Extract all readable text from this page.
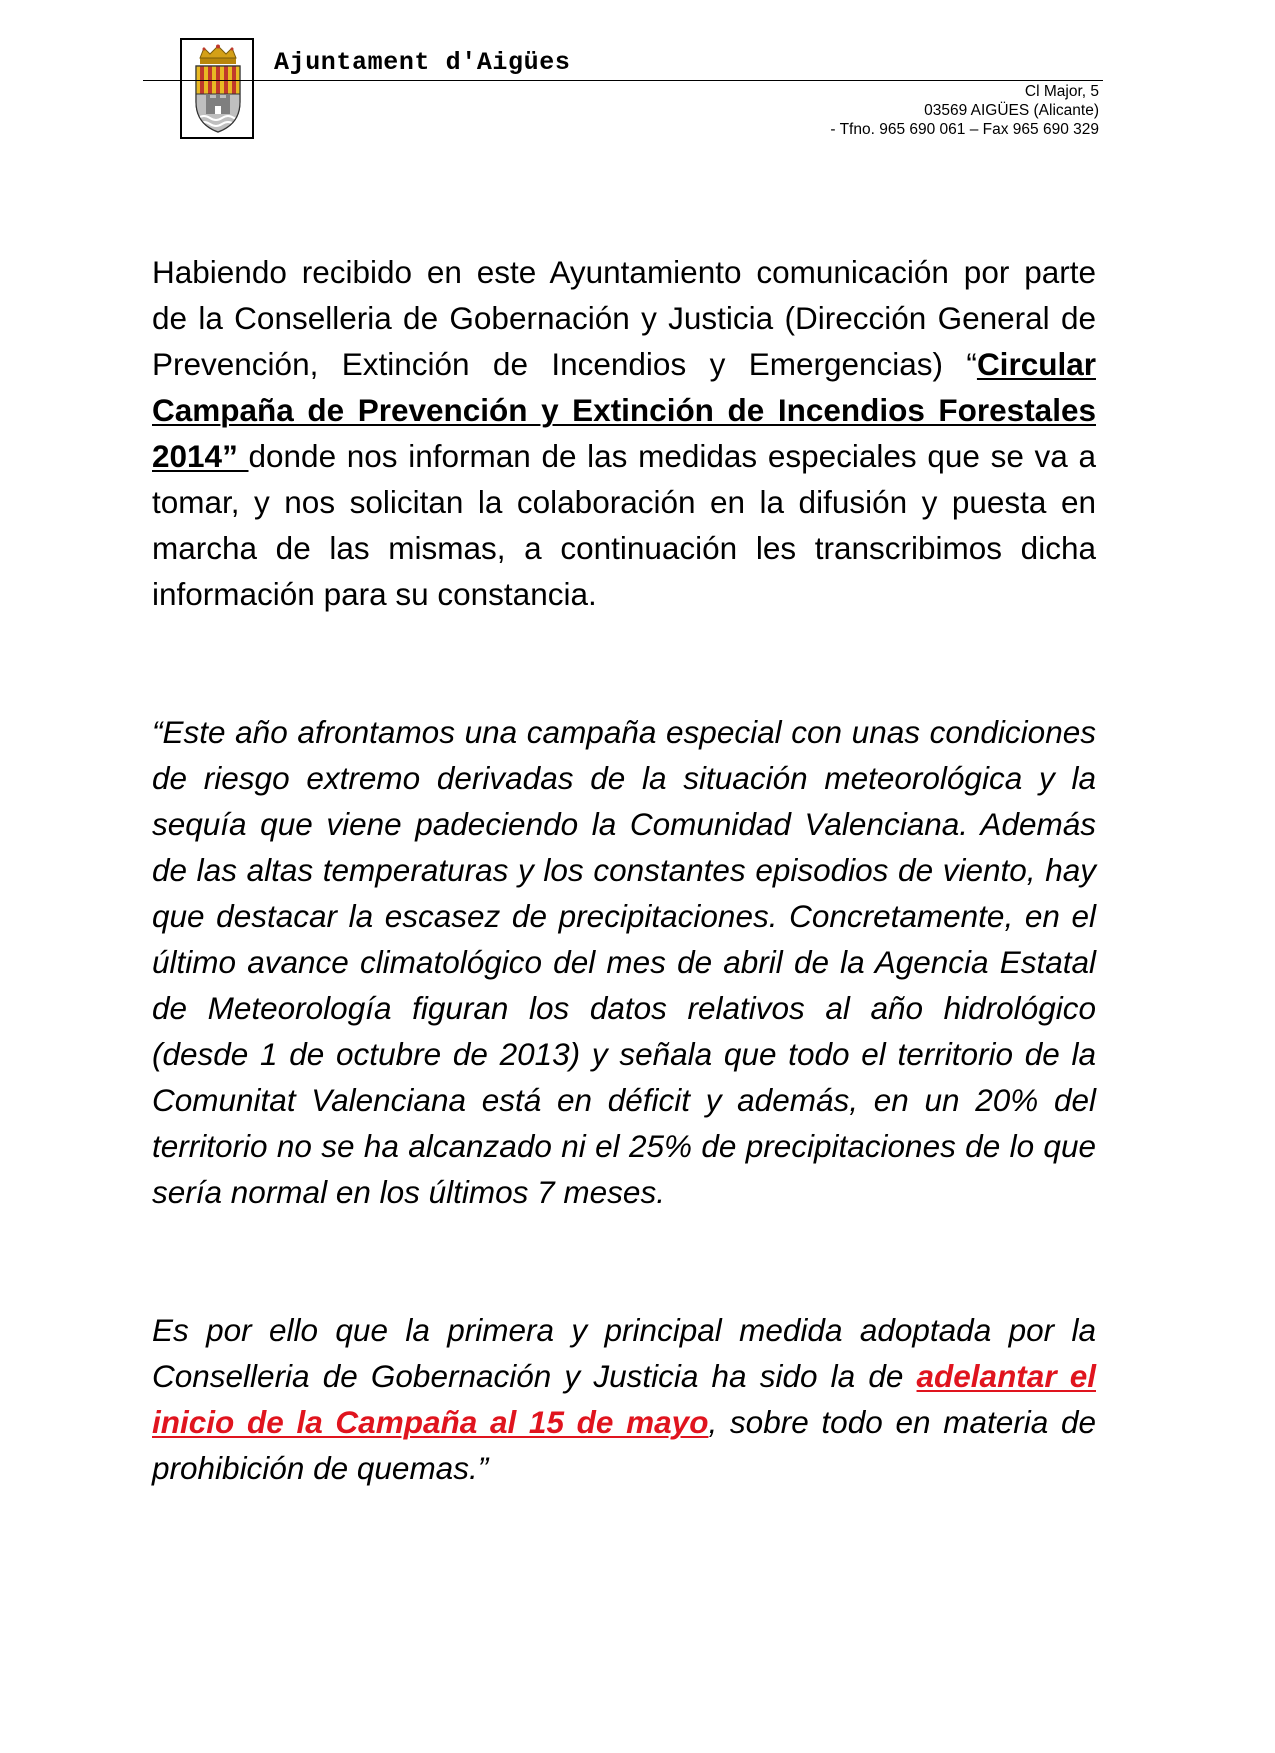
Ajuntament d'Aigües
Cl Major, 5
03569 AIGÜES (Alicante)
- Tfno. 965 690 061 – Fax 965 690 329
Habiendo recibido en este Ayuntamiento comunicación por parte de la Conselleria de Gobernación y Justicia (Dirección General de Prevención, Extinción de Incendios y Emergencias) “Circular Campaña de Prevención y Extinción de Incendios Forestales 2014” donde nos informan de las medidas especiales que se va a tomar, y nos solicitan la colaboración en la difusión y puesta en marcha de las mismas, a continuación les transcribimos dicha información para su constancia.
“Este año afrontamos una campaña especial con unas condiciones de riesgo extremo derivadas de la situación meteorológica y la sequía que viene padeciendo la Comunidad Valenciana. Además de las altas temperaturas y los constantes episodios de viento, hay que destacar la escasez de precipitaciones. Concretamente, en el último avance climatológico del mes de abril de la Agencia Estatal de Meteorología figuran los datos relativos al año hidrológico (desde 1 de octubre de 2013) y señala que todo el territorio de la Comunitat Valenciana está en déficit y además, en un 20% del territorio no se ha alcanzado ni el 25% de precipitaciones de lo que sería normal en los últimos 7 meses.
Es por ello que la primera y principal medida adoptada por la Conselleria de Gobernación y Justicia ha sido la de adelantar el inicio de la Campaña al 15 de mayo, sobre todo en materia de prohibición de quemas.”
